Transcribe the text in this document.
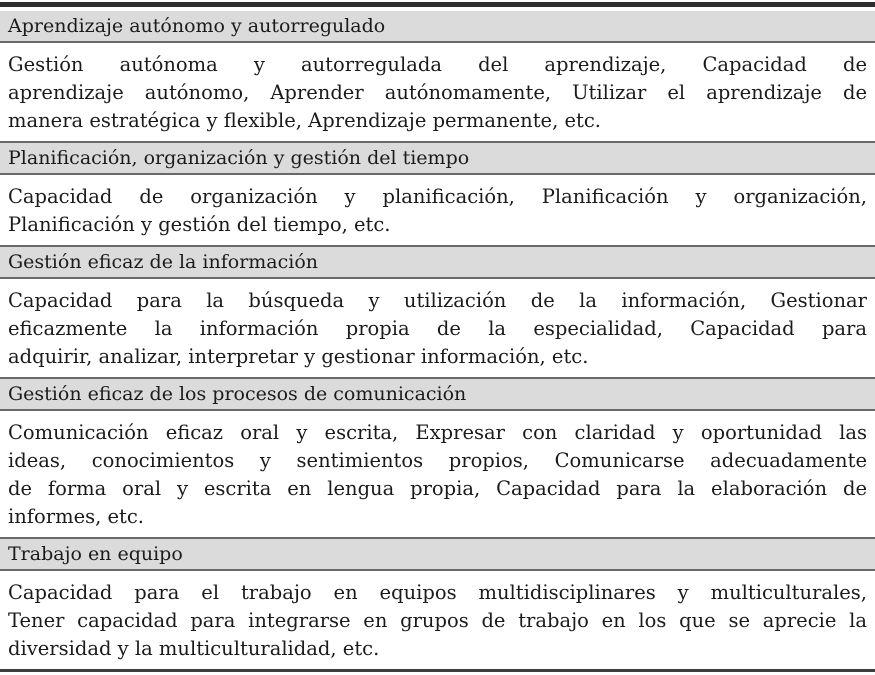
Aprendizaje autónomo y autorregulado
Gestión autónoma y autorregulada del aprendizaje, Capacidad de
aprendizaje autónomo, Aprender autónomamente, Utilizar el aprendizaje de
manera estratégica y flexible, Aprendizaje permanente, etc.
Planificación, organización y gestión del tiempo
Capacidad de organización y planificación, Planificación y organización,
Planificación y gestión del tiempo, etc.
Gestión eficaz de la información
Capacidad para la búsqueda y utilización de la información, Gestionar
eficazmente la información propia de la especialidad, Capacidad para
adquirir, analizar, interpretar y gestionar información, etc.
Gestión eficaz de los procesos de comunicación
Comunicación eficaz oral y escrita, Expresar con claridad y oportunidad las
ideas, conocimientos y sentimientos propios, Comunicarse adecuadamente
de forma oral y escrita en lengua propia, Capacidad para la elaboración de
informes, etc.
Trabajo en equipo
Capacidad para el trabajo en equipos multidisciplinares y multiculturales,
Tener capacidad para integrarse en grupos de trabajo en los que se aprecie la
diversidad y la multiculturalidad, etc.
